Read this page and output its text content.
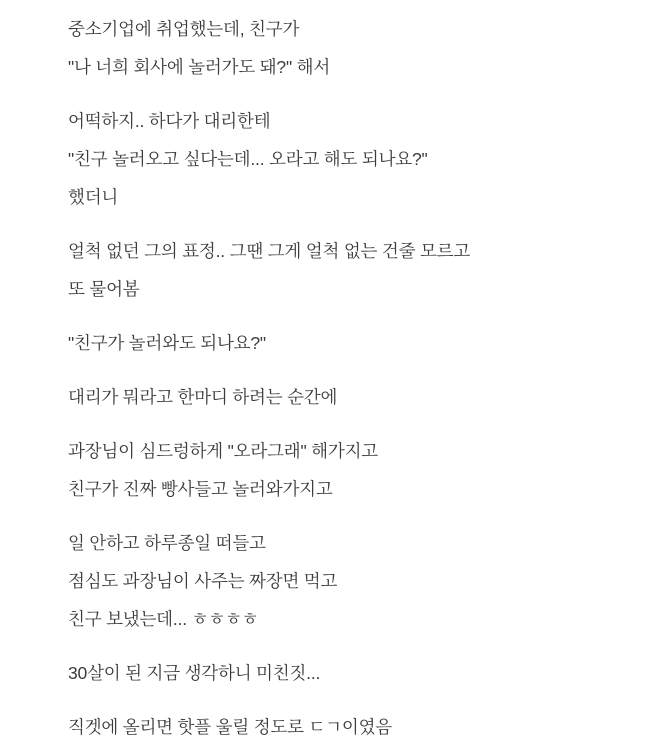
중소기업에 취업했는데, 친구가
"나 너희 회사에 놀러가도 돼?" 해서
어떡하지.. 하다가 대리한테
"친구 놀러오고 싶다는데... 오라고 해도 되나요?"
했더니
얼척 없던 그의 표정.. 그땐 그게 얼척 없는 건줄 모르고
또 물어봄
"친구가 놀러와도 되나요?"
대리가 뭐라고 한마디 하려는 순간에
과장님이 심드렁하게 "오라그래" 해가지고
친구가 진짜 빵사들고 놀러와가지고
일 안하고 하루종일 떠들고
점심도 과장님이 사주는 짜장면 먹고
친구 보냈는데... ㅎㅎㅎㅎ
30살이 된 지금 생각하니 미친짓...
직겟에 올리면 핫플 울릴 정도로 ㄷㄱ이였음
